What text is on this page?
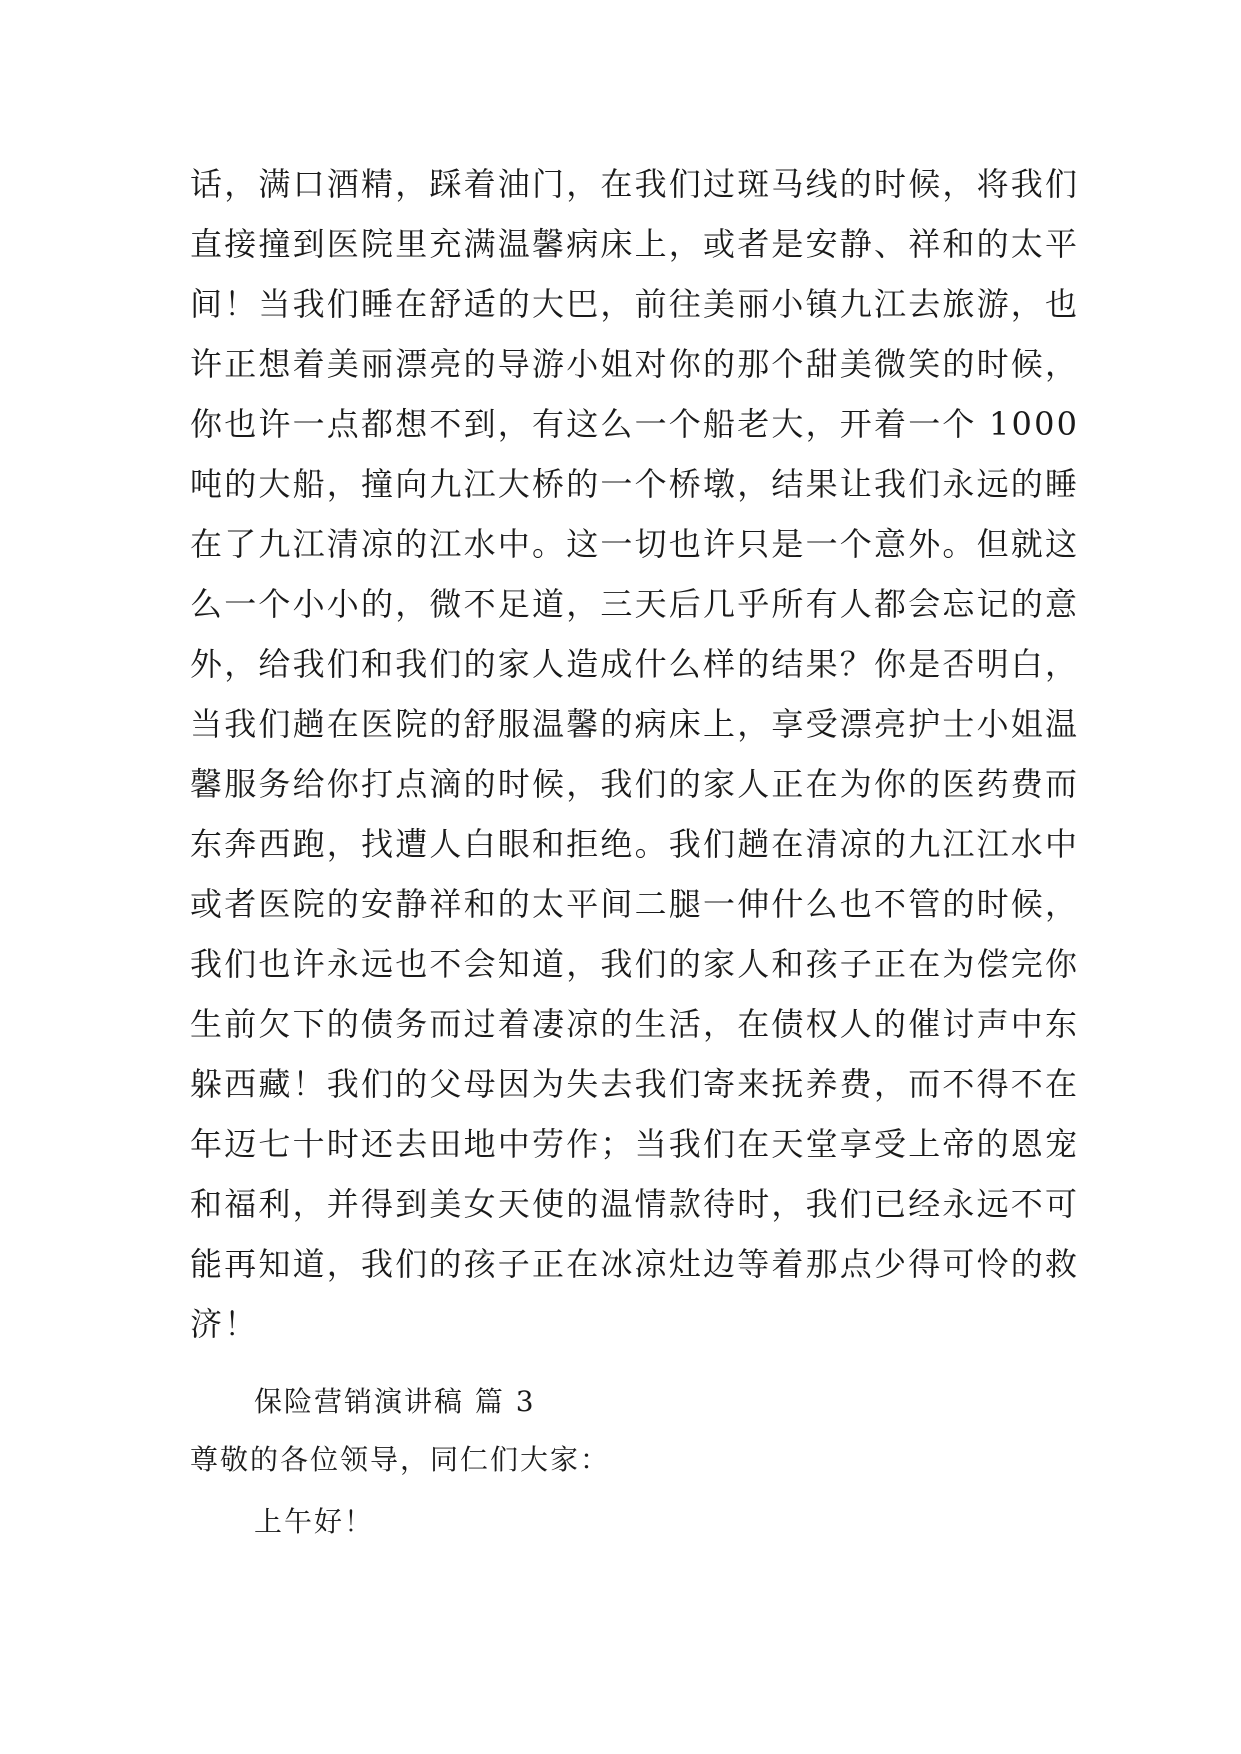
话，满口酒精，踩着油门，在我们过斑马线的时候，将我们
直接撞到医院里充满温馨病床上，或者是安静、祥和的太平
间！当我们睡在舒适的大巴，前往美丽小镇九江去旅游，也
许正想着美丽漂亮的导游小姐对你的那个甜美微笑的时候，
你也许一点都想不到，有这么一个船老大，开着一个 1000
吨的大船，撞向九江大桥的一个桥墩，结果让我们永远的睡
在了九江清凉的江水中。这一切也许只是一个意外。但就这
么一个小小的，微不足道，三天后几乎所有人都会忘记的意
外，给我们和我们的家人造成什么样的结果？你是否明白，
当我们趟在医院的舒服温馨的病床上，享受漂亮护士小姐温
馨服务给你打点滴的时候，我们的家人正在为你的医药费而
东奔西跑，找遭人白眼和拒绝。我们趟在清凉的九江江水中
或者医院的安静祥和的太平间二腿一伸什么也不管的时候，
我们也许永远也不会知道，我们的家人和孩子正在为偿完你
生前欠下的债务而过着凄凉的生活，在债权人的催讨声中东
躲西藏！我们的父母因为失去我们寄来抚养费，而不得不在
年迈七十时还去田地中劳作；当我们在天堂享受上帝的恩宠
和福利，并得到美女天使的温情款待时，我们已经永远不可
能再知道，我们的孩子正在冰凉灶边等着那点少得可怜的救
济！
保险营销演讲稿 篇 3
尊敬的各位领导，同仁们大家：
上午好！
